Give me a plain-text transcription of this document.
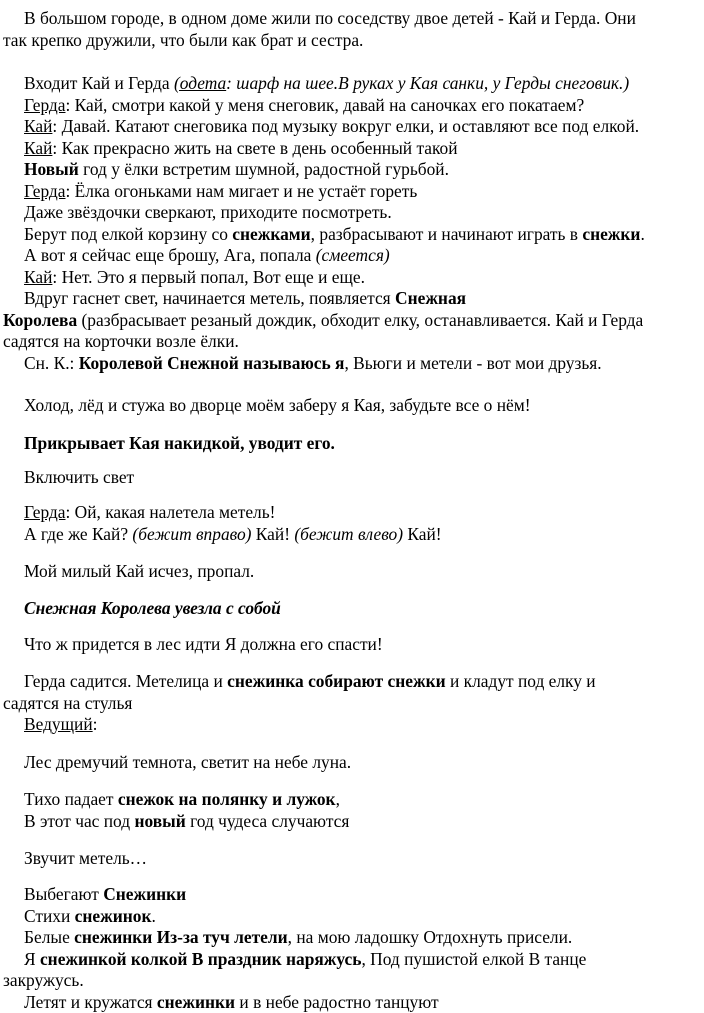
В большом городе, в одном доме жили по соседству двое детей - Кай и Герда. Они
так крепко дружили, что были как брат и сестра.
Входит Кай и Герда (одета: шарф на шее.В руках у Кая санки, у Герды снеговик.)
Герда: Кай, смотри какой у меня снеговик, давай на саночках его покатаем?
Кай: Давай. Катают снеговика под музыку вокруг елки, и оставляют все под елкой.
Кай: Как прекрасно жить на свете в день особенный такой
Новый год у ёлки встретим шумной, радостной гурьбой.
Герда: Ёлка огоньками нам мигает и не устаёт гореть
Даже звёздочки сверкают, приходите посмотреть.
Берут под елкой корзину со снежками, разбрасывают и начинают играть в снежки.
А вот я сейчас еще брошу, Ага, попала (смеется)
Кай: Нет. Это я первый попал, Вот еще и еще.
Вдруг гаснет свет, начинается метель, появляется Снежная
Королева (разбрасывает резаный дождик, обходит елку, останавливается. Кай и Герда
садятся на корточки возле ёлки.
Сн. К.: Королевой Снежной называюсь я, Вьюги и метели - вот мои друзья.
Холод, лёд и стужа во дворце моём заберу я Кая, забудьте все о нём!
Прикрывает Кая накидкой, уводит его.
Включить свет
Герда: Ой, какая налетела метель!
А где же Кай? (бежит вправо) Кай! (бежит влево) Кай!
Мой милый Кай исчез, пропал.
Снежная Королева увезла с собой
Что ж придется в лес идти Я должна его спасти!
Герда садится. Метелица и снежинка собирают снежки и кладут под елку и
садятся на стулья
Ведущий:
Лес дремучий темнота, светит на небе луна.
Тихо падает снежок на полянку и лужок,
В этот час под новый год чудеса случаются
Звучит метель…
Выбегают Снежинки
Стихи снежинок.
Белые снежинки Из-за туч летели, на мою ладошку Отдохнуть присели.
Я снежинкой колкой В праздник наряжусь, Под пушистой елкой В танце
закружусь.
Летят и кружатся снежинки и в небе радостно танцуют
